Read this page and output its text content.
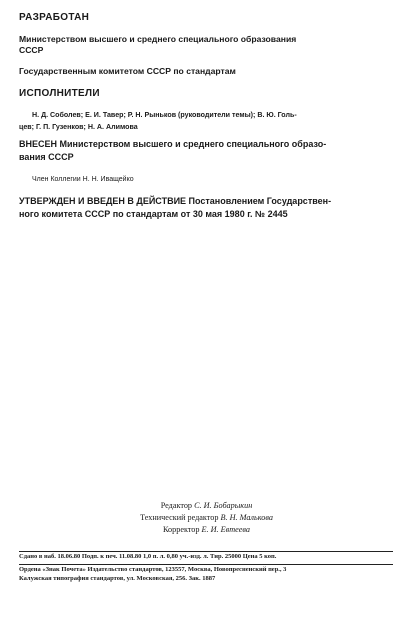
РАЗРАБОТАН
Министерством высшего и среднего специального образования
СССР
Государственным комитетом СССР по стандартам
ИСПОЛНИТЕЛИ
Н. Д. Соболев; Е. И. Тавер; Р. Н. Рыньков (руководители темы); В. Ю. Голь-
цев; Г. П. Гузенков; Н. А. Алимова
ВНЕСЕН Министерством высшего и среднего специального образо-
вания СССР
Член Коллегии Н. Н. Иващейко
УТВЕРЖДЕН И ВВЕДЕН В ДЕЙСТВИЕ Постановлением Государствен-
ного комитета СССР по стандартам от 30 мая 1980 г. № 2445
Редактор С. И. Бобарыкин
Технический редактор В. Н. Малькова
Корректор Е. И. Евтеева
Сдано в наб. 18.06.80 Подп. к печ. 11.08.80 1,0 п. л. 0,80 уч.-изд. л. Тир. 25000 Цена 5 коп.
Ордена «Знак Почета» Издательство стандартов, 123557, Москва, Новопресненский пер., 3
Калужская типография стандартов, ул. Московская, 256. Зак. 1887
